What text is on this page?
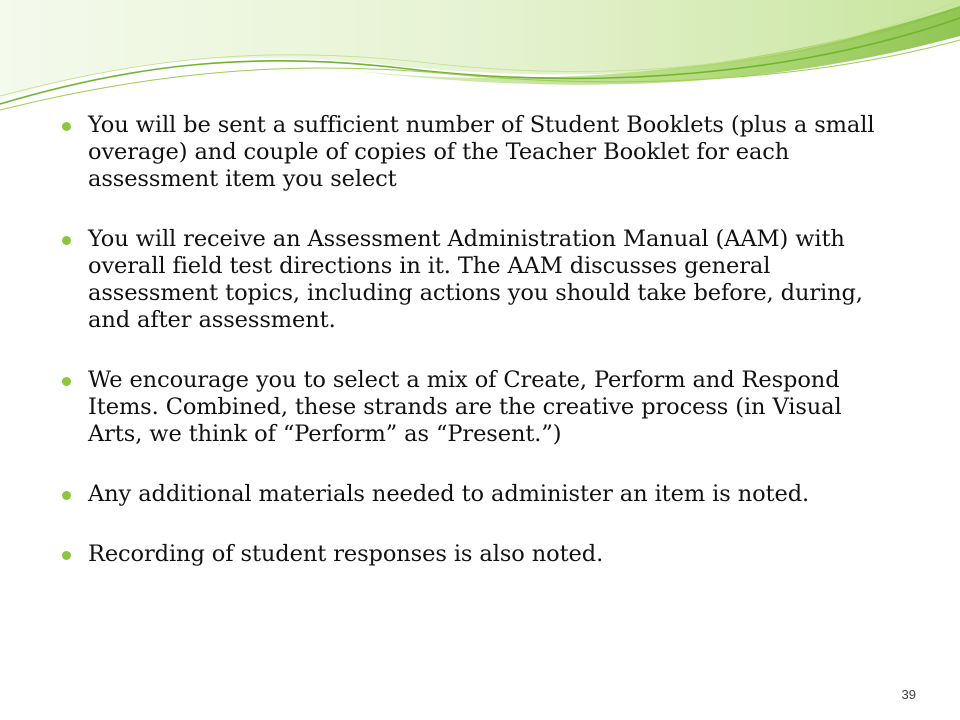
You will be sent a sufficient number of Student Booklets (plus a small overage) and couple of copies of the Teacher Booklet for each assessment item you select
You will receive an Assessment Administration Manual (AAM) with overall field test directions in it. The AAM discusses general assessment topics, including actions you should take before, during, and after assessment.
We encourage you to select a mix of Create, Perform and Respond Items. Combined, these strands are the creative process (in Visual Arts, we think of “Perform” as “Present.”)
Any additional materials needed to administer an item is noted.
Recording of student responses is also noted.
39
